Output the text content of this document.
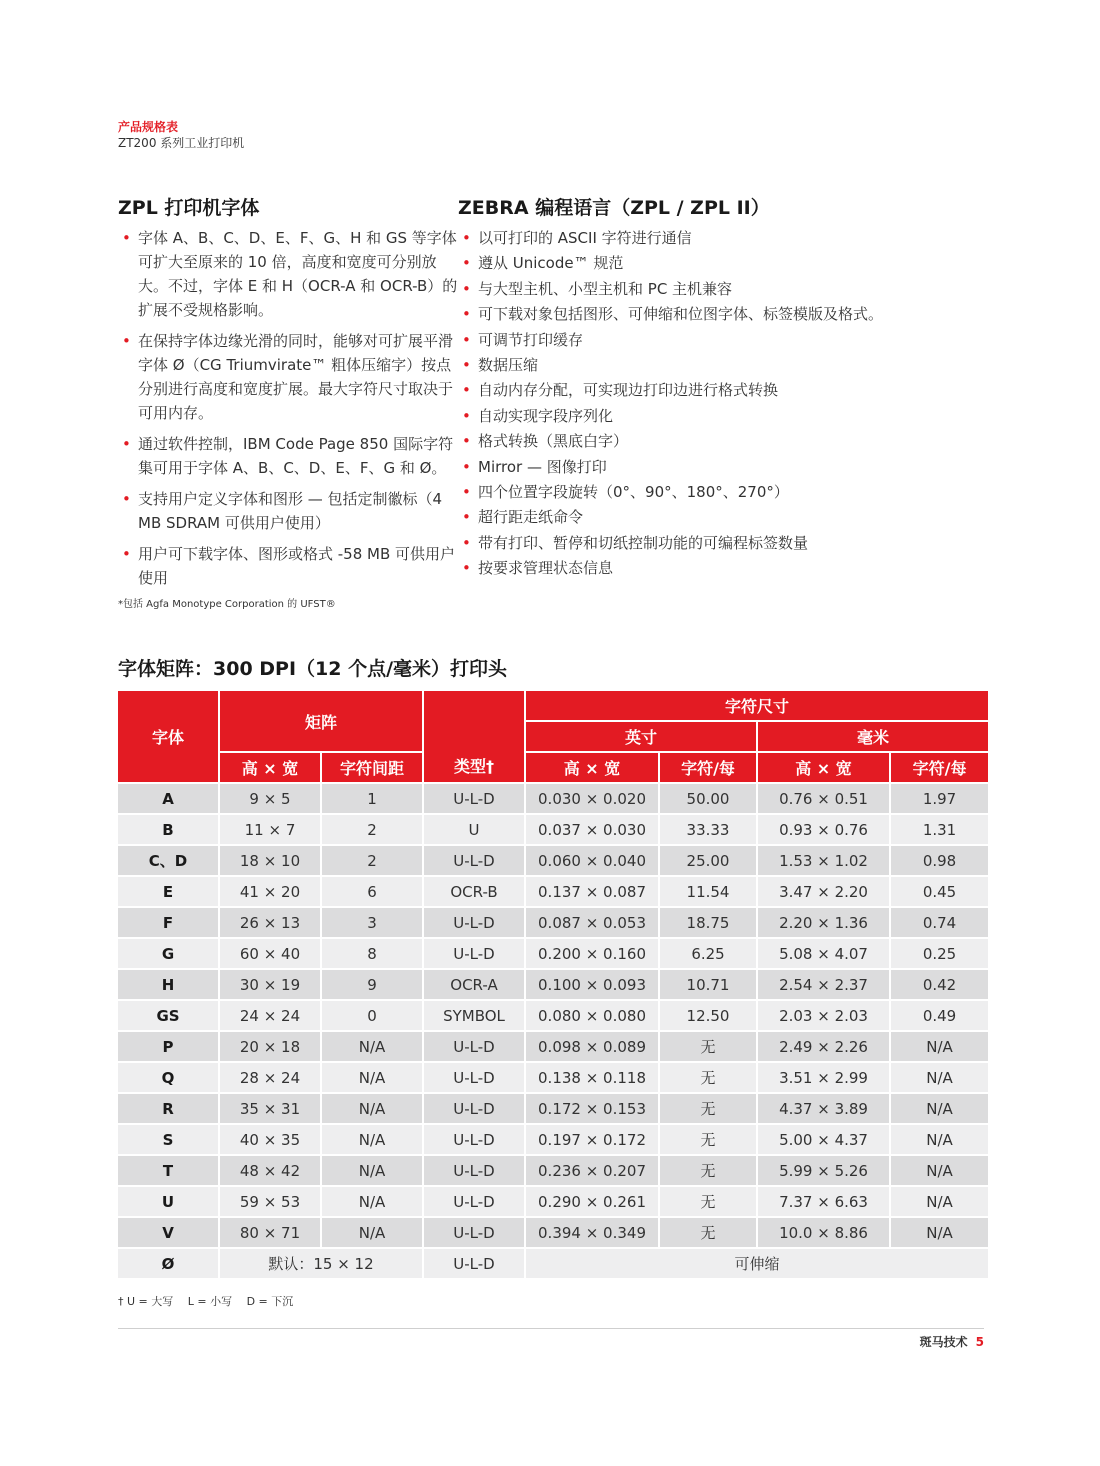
产品规格表
ZT200 系列工业打印机
ZPL 打印机字体
• 字体 A、B、C、D、E、F、G、H 和 GS 等字体可扩大至原来的 10 倍，高度和宽度可分别放大。不过，字体 E 和 H（OCR-A 和 OCR-B）的扩展不受规格影响。
• 在保持字体边缘光滑的同时，能够对可扩展平滑字体 Ø（CG Triumvirate™ 粗体压缩字）按点分别进行高度和宽度扩展。最大字符尺寸取决于可用内存。
• 通过软件控制，IBM Code Page 850 国际字符集可用于字体 A、B、C、D、E、F、G 和 Ø。
• 支持用户定义字体和图形 — 包括定制徽标（4 MB SDRAM 可供用户使用）
• 用户可下载字体、图形或格式 -58 MB 可供用户使用
*包括 Agfa Monotype Corporation 的 UFST®
ZEBRA 编程语言（ZPL / ZPL II）
• 以可打印的 ASCII 字符进行通信
• 遵从 Unicode™ 规范
• 与大型主机、小型主机和 PC 主机兼容
• 可下载对象包括图形、可伸缩和位图字体、标签模版及格式。
• 可调节打印缓存
• 数据压缩
• 自动内存分配，可实现边打印边进行格式转换
• 自动实现字段序列化
• 格式转换（黑底白字）
• Mirror — 图像打印
• 四个位置字段旋转（0°、90°、180°、270°）
• 超行距走纸命令
• 带有打印、暂停和切纸控制功能的可编程标签数量
• 按要求管理状态信息
字体矩阵：300 DPI（12 个点/毫米）打印头
字体	矩阵		类型†	字符尺寸			
				英寸		毫米	
	高 × 宽	字符间距		高 × 宽	字符/每	高 × 宽	字符/每
A	9 × 5	1	U-L-D	0.030 × 0.020	50.00	0.76 × 0.51	1.97
B	11 × 7	2	U	0.037 × 0.030	33.33	0.93 × 0.76	1.31
C、D	18 × 10	2	U-L-D	0.060 × 0.040	25.00	1.53 × 1.02	0.98
E	41 × 20	6	OCR-B	0.137 × 0.087	11.54	3.47 × 2.20	0.45
F	26 × 13	3	U-L-D	0.087 × 0.053	18.75	2.20 × 1.36	0.74
G	60 × 40	8	U-L-D	0.200 × 0.160	6.25	5.08 × 4.07	0.25
H	30 × 19	9	OCR-A	0.100 × 0.093	10.71	2.54 × 2.37	0.42
GS	24 × 24	0	SYMBOL	0.080 × 0.080	12.50	2.03 × 2.03	0.49
P	20 × 18	N/A	U-L-D	0.098 × 0.089	无	2.49 × 2.26	N/A
Q	28 × 24	N/A	U-L-D	0.138 × 0.118	无	3.51 × 2.99	N/A
R	35 × 31	N/A	U-L-D	0.172 × 0.153	无	4.37 × 3.89	N/A
S	40 × 35	N/A	U-L-D	0.197 × 0.172	无	5.00 × 4.37	N/A
T	48 × 42	N/A	U-L-D	0.236 × 0.207	无	5.99 × 5.26	N/A
U	59 × 53	N/A	U-L-D	0.290 × 0.261	无	7.37 × 6.63	N/A
V	80 × 71	N/A	U-L-D	0.394 × 0.349	无	10.0 × 8.86	N/A
Ø	默认：15 × 12		U-L-D	可伸缩			
† U = 大写　 L = 小写　 D = 下沉
斑马技术 5
